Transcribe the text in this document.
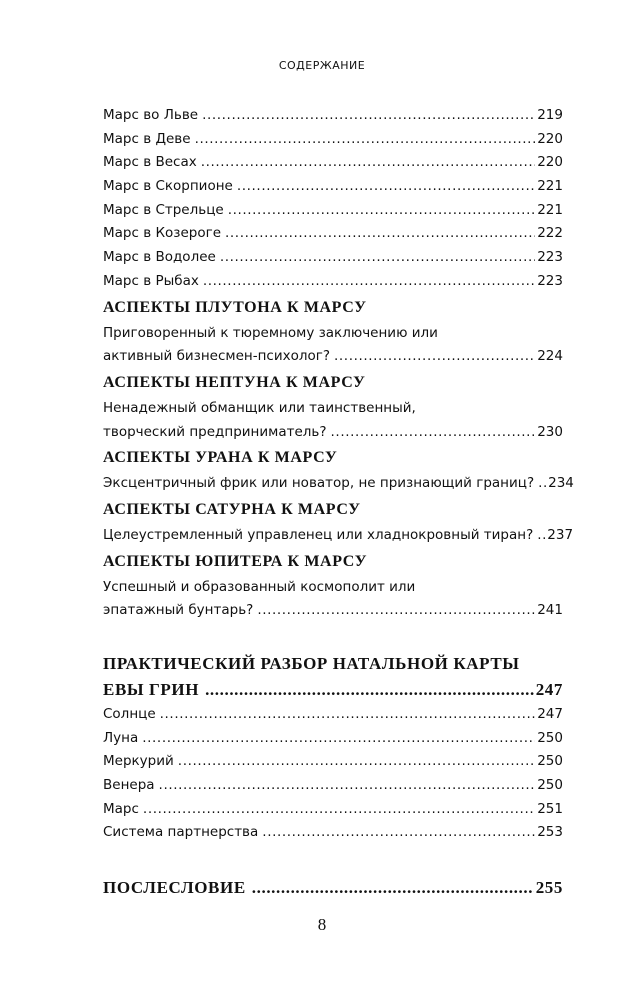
СОДЕРЖАНИЕ
Марс во Льве .....	219
Марс в Деве .....	220
Марс в Весах .....	220
Марс в Скорпионе .....	221
Марс в Стрельце .....	221
Марс в Козероге .....	222
Марс в Водолее .....	223
Марс в Рыбах .....	223
АСПЕКТЫ ПЛУТОНА К МАРСУ
Приговоренный к тюремному заключению или
активный бизнесмен-психолог? .....	224
АСПЕКТЫ НЕПТУНА К МАРСУ
Ненадежный обманщик или таинственный,
творческий предприниматель? .....	230
АСПЕКТЫ УРАНА К МАРСУ
Эксцентричный фрик или новатор, не признающий границ? ..... 234
АСПЕКТЫ САТУРНА К МАРСУ
Целеустремленный управленец или хладнокровный тиран? ..... 237
АСПЕКТЫ ЮПИТЕРА К МАРСУ
Успешный и образованный космополит или
эпатажный бунтарь? .....	241
ПРАКТИЧЕСКИЙ РАЗБОР НАТАЛЬНОЙ КАРТЫ
ЕВЫ ГРИН .....	247
Солнце .....	247
Луна .....	250
Меркурий .....	250
Венера .....	250
Марс .....	251
Система партнерства .....	253
ПОСЛЕСЛОВИЕ .....	255
8
